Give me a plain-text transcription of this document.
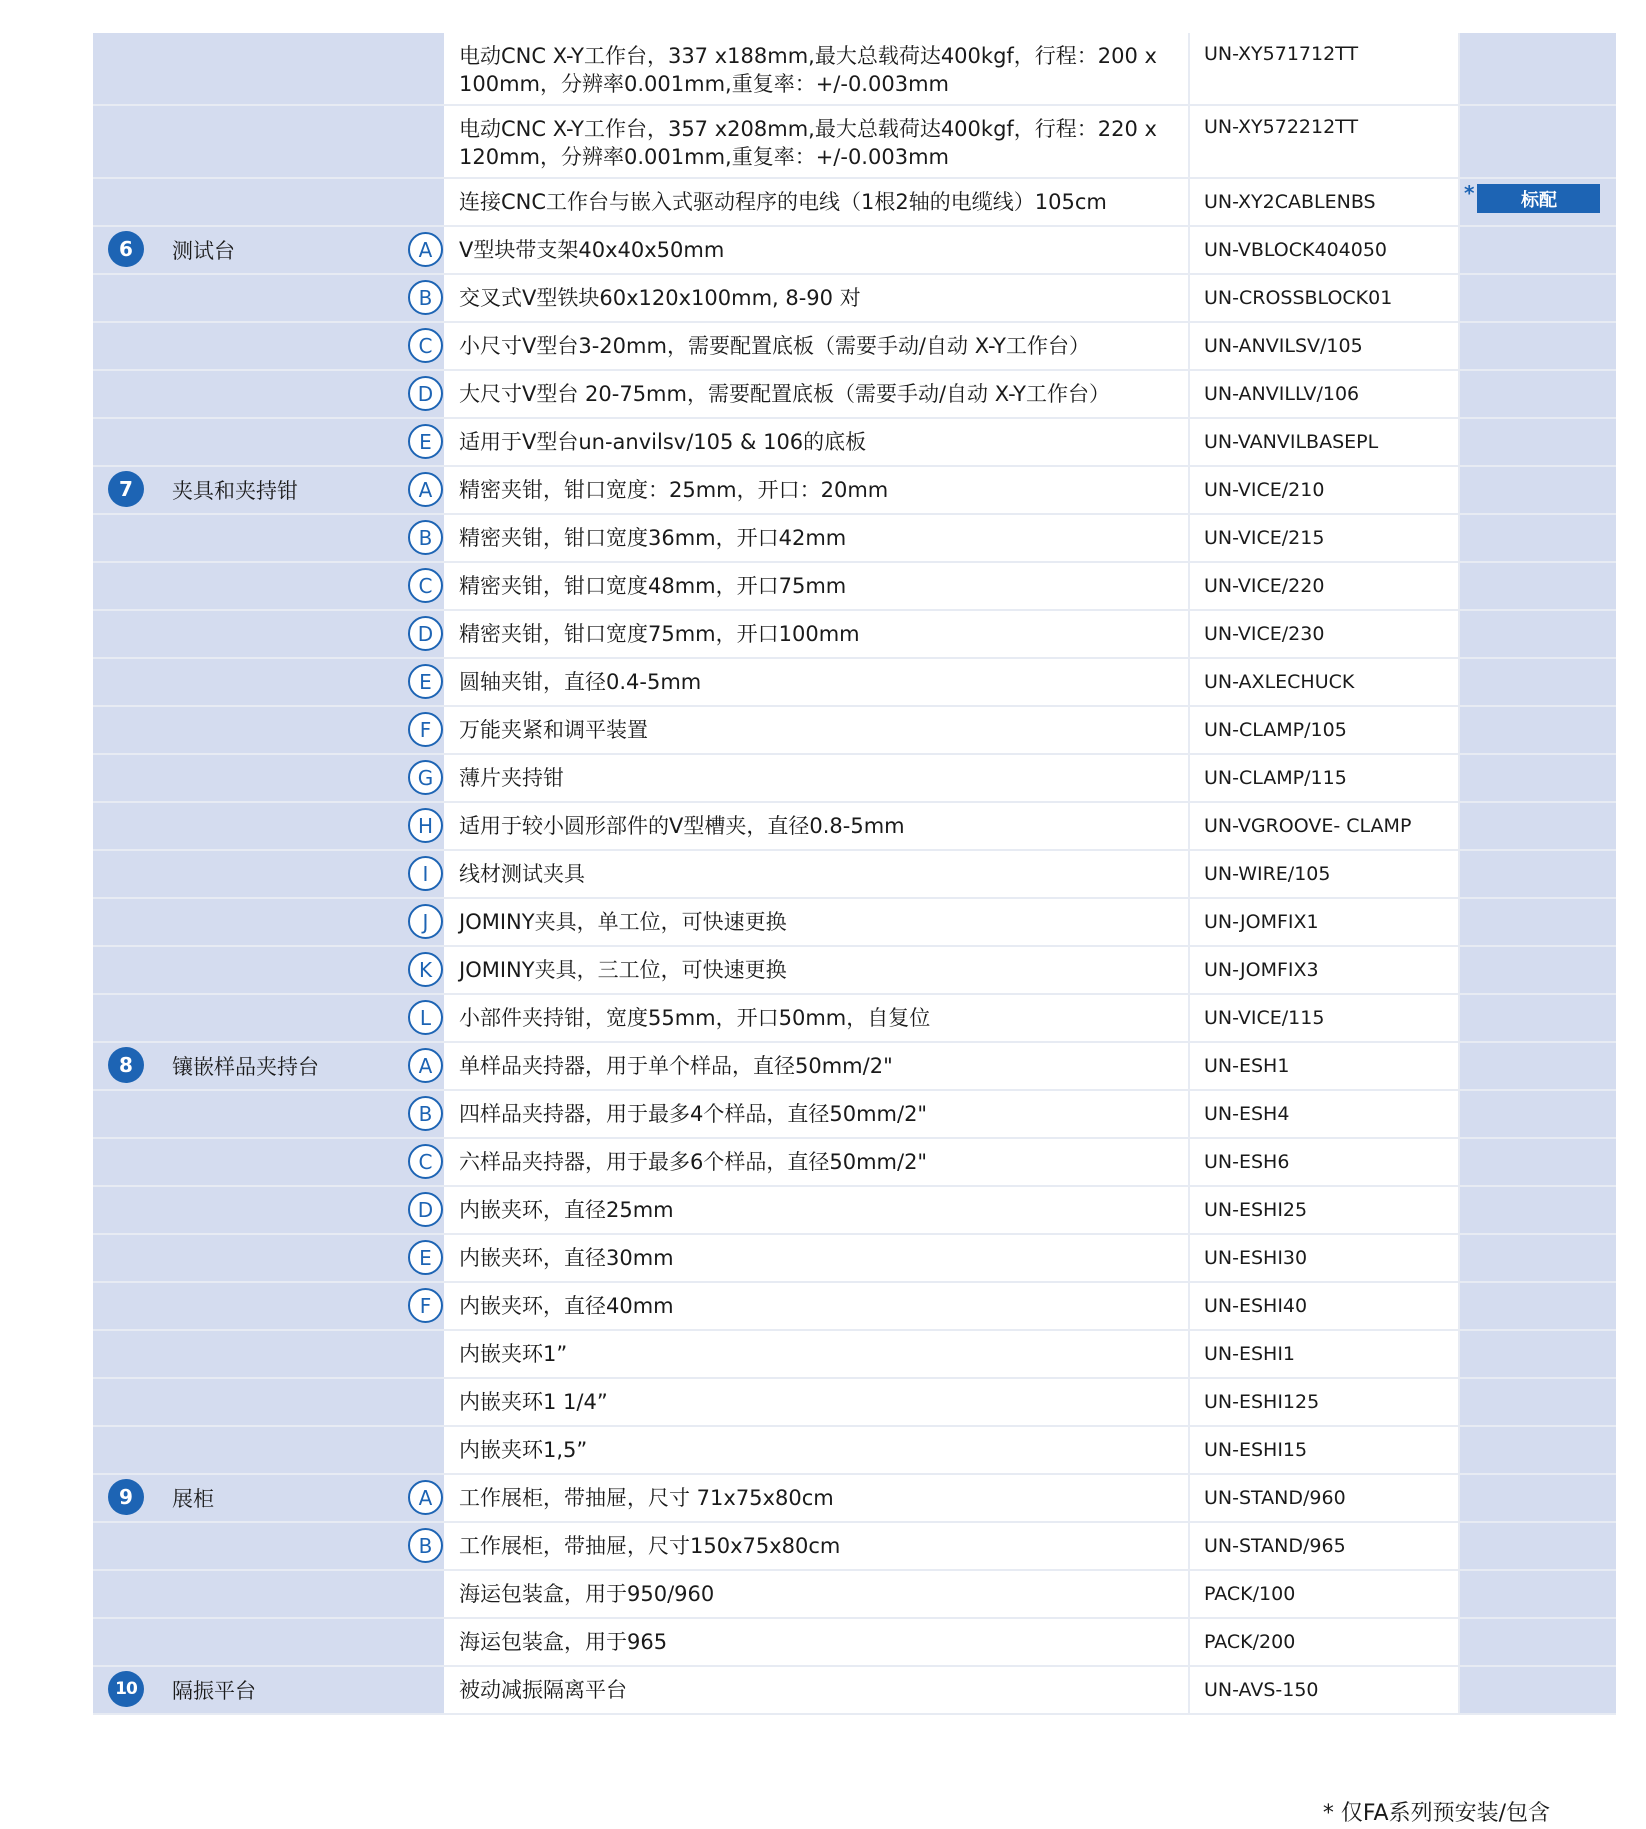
电动CNC X-Y工作台，337 x188mm,最大总载荷达400kgf，行程：200 x 100mm，分辨率0.001mm,重复率：+/-0.003mm	UN-XY571712TT	

电动CNC X-Y工作台，357 x208mm,最大总载荷达400kgf，行程：220 x 120mm，分辨率0.001mm,重复率：+/-0.003mm	UN-XY572212TT	

连接CNC工作台与嵌入式驱动程序的电线（1根2轴的电缆线）105cm	UN-XY2CABLENBS	* 标配

6	测试台	A	V型块带支架40x40x50mm	UN-VBLOCK404050	

B	交叉式V型铁块60x120x100mm, 8-90 对	UN-CROSSBLOCK01	

C	小尺寸V型台3-20mm，需要配置底板（需要手动/自动 X-Y工作台）	UN-ANVILSV/105	

D	大尺寸V型台 20-75mm，需要配置底板（需要手动/自动 X-Y工作台）	UN-ANVILLV/106	

E	适用于V型台un-anvilsv/105 & 106的底板	UN-VANVILBASEPL	

7	夹具和夹持钳	A	精密夹钳，钳口宽度：25mm，开口：20mm	UN-VICE/210	

B	精密夹钳，钳口宽度36mm，开口42mm	UN-VICE/215	

C	精密夹钳，钳口宽度48mm，开口75mm	UN-VICE/220	

D	精密夹钳，钳口宽度75mm，开口100mm	UN-VICE/230	

E	圆轴夹钳，直径0.4-5mm	UN-AXLECHUCK	

F	万能夹紧和调平装置	UN-CLAMP/105	

G	薄片夹持钳	UN-CLAMP/115	

H	适用于较小圆形部件的V型槽夹，直径0.8-5mm	UN-VGROOVE- CLAMP	

I	线材测试夹具	UN-WIRE/105	

J	JOMINY夹具，单工位，可快速更换	UN-JOMFIX1	

K	JOMINY夹具，三工位，可快速更换	UN-JOMFIX3	

L	小部件夹持钳，宽度55mm，开口50mm，自复位	UN-VICE/115	

8	镶嵌样品夹持台	A	单样品夹持器，用于单个样品，直径50mm/2"	UN-ESH1	

B	四样品夹持器，用于最多4个样品，直径50mm/2"	UN-ESH4	

C	六样品夹持器，用于最多6个样品，直径50mm/2"	UN-ESH6	

D	内嵌夹环，直径25mm	UN-ESHI25	

E	内嵌夹环，直径30mm	UN-ESHI30	

F	内嵌夹环，直径40mm	UN-ESHI40	

内嵌夹环1”	UN-ESHI1	

内嵌夹环1 1/4”	UN-ESHI125	

内嵌夹环1,5”	UN-ESHI15	

9	展柜	A	工作展柜，带抽屉，尺寸 71x75x80cm	UN-STAND/960	

B	工作展柜，带抽屉，尺寸150x75x80cm	UN-STAND/965	

海运包装盒，用于950/960	PACK/100	

海运包装盒，用于965	PACK/200	

10	隔振平台		被动减振隔离平台	UN-AVS-150	

* 仅FA系列预安装/包含
